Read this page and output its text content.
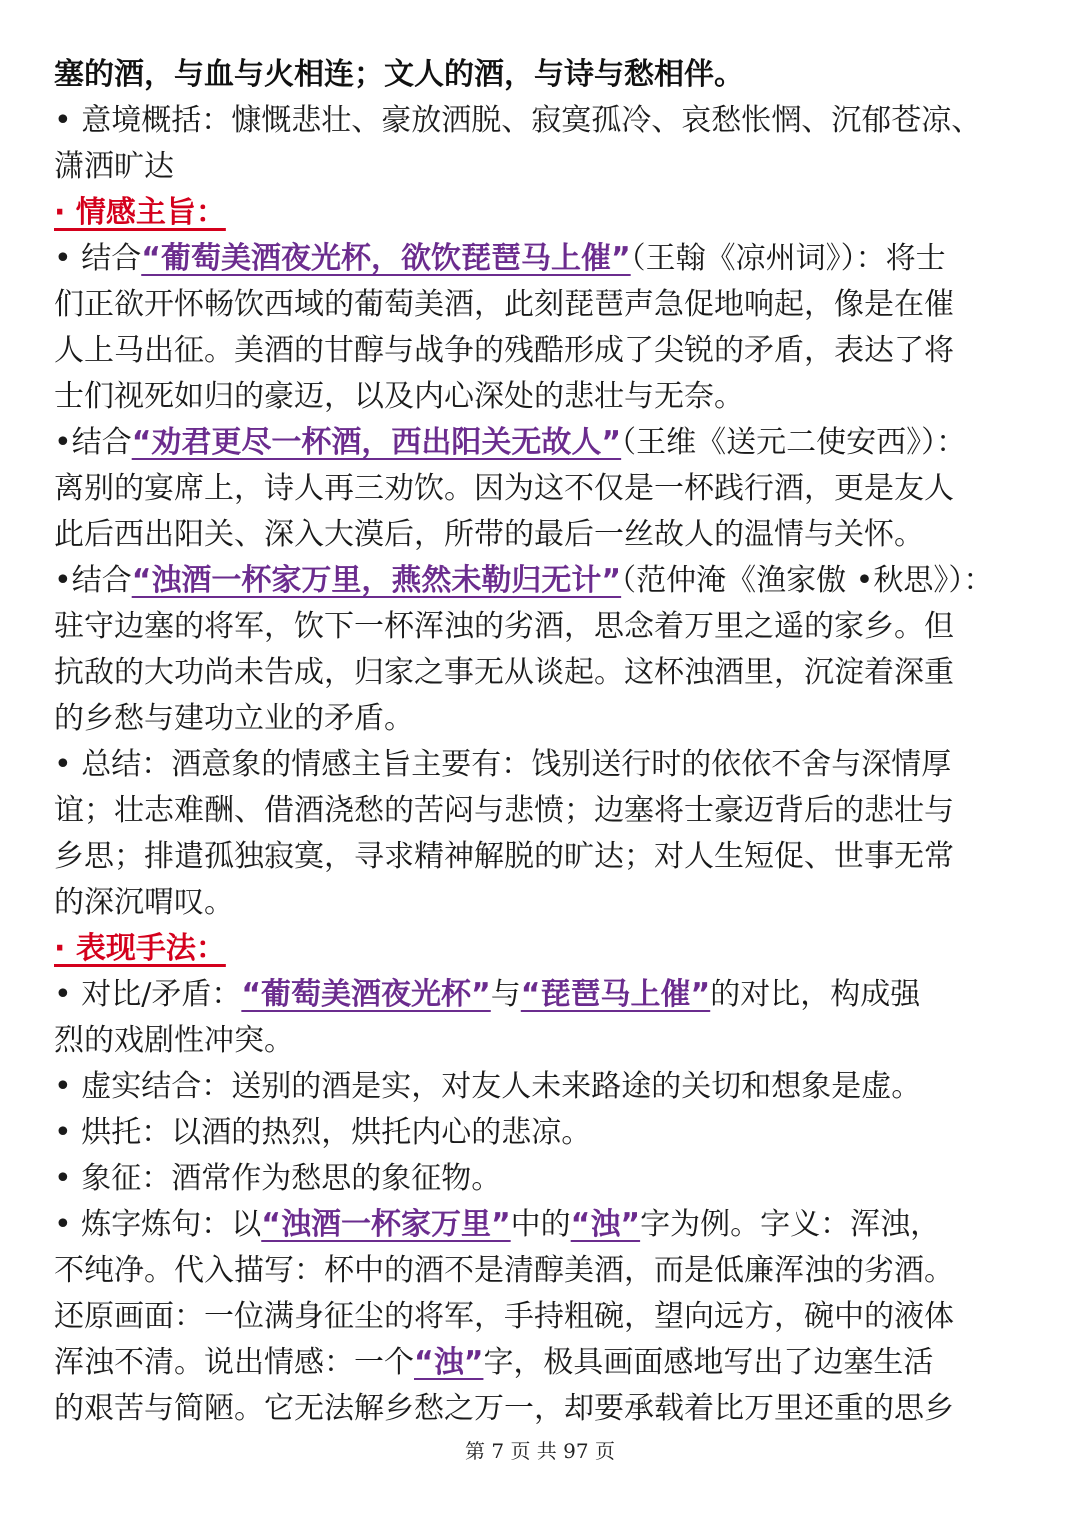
塞的酒，与血与火相连；文人的酒，与诗与愁相伴。
• 意境概括：慷慨悲壮、豪放洒脱、寂寞孤冷、哀愁怅惘、沉郁苍凉、
潇洒旷达
· 情感主旨：
• 结合“葡萄美酒夜光杯，欲饮琵琶马上催”（王翰《凉州词》）：将士
们正欲开怀畅饮西域的葡萄美酒，此刻琵琶声急促地响起，像是在催
人上马出征。美酒的甘醇与战争的残酷形成了尖锐的矛盾，表达了将
士们视死如归的豪迈，以及内心深处的悲壮与无奈。
•结合“劝君更尽一杯酒，西出阳关无故人”（王维《送元二使安西》）：
离别的宴席上，诗人再三劝饮。因为这不仅是一杯践行酒，更是友人
此后西出阳关、深入大漠后，所带的最后一丝故人的温情与关怀。
•结合“浊酒一杯家万里，燕然未勒归无计”（范仲淹《渔家傲 •秋思》）：
驻守边塞的将军，饮下一杯浑浊的劣酒，思念着万里之遥的家乡。但
抗敌的大功尚未告成，归家之事无从谈起。这杯浊酒里，沉淀着深重
的乡愁与建功立业的矛盾。
• 总结：酒意象的情感主旨主要有：饯别送行时的依依不舍与深情厚
谊；壮志难酬、借酒浇愁的苦闷与悲愤；边塞将士豪迈背后的悲壮与
乡思；排遣孤独寂寞，寻求精神解脱的旷达；对人生短促、世事无常
的深沉喟叹。
· 表现手法：
• 对比/矛盾：“葡萄美酒夜光杯”与“琵琶马上催”的对比，构成强
烈的戏剧性冲突。
• 虚实结合：送别的酒是实，对友人未来路途的关切和想象是虚。
• 烘托：以酒的热烈，烘托内心的悲凉。
• 象征：酒常作为愁思的象征物。
• 炼字炼句：以“浊酒一杯家万里”中的“浊”字为例。字义：浑浊，
不纯净。代入描写：杯中的酒不是清醇美酒，而是低廉浑浊的劣酒。
还原画面：一位满身征尘的将军，手持粗碗，望向远方，碗中的液体
浑浊不清。说出情感：一个“浊”字，极具画面感地写出了边塞生活
的艰苦与简陋。它无法解乡愁之万一，却要承载着比万里还重的思乡
第 7 页 共 97 页
